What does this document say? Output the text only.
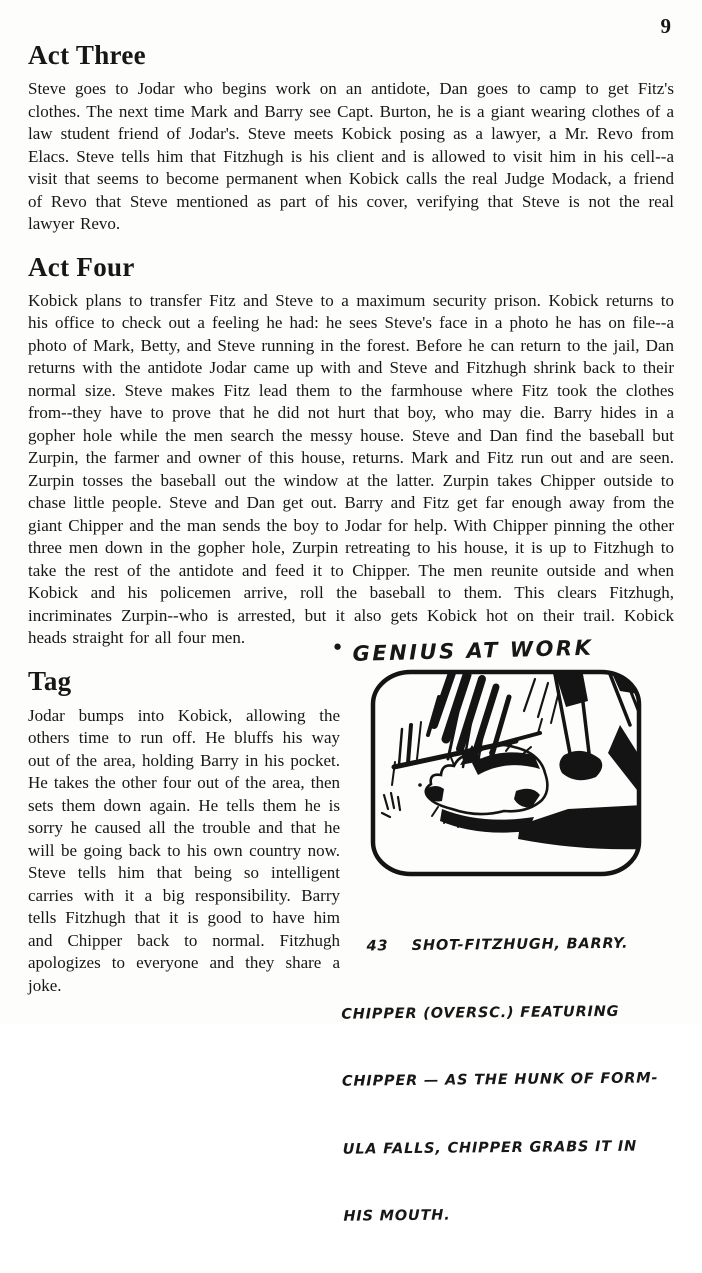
9
Act Three

Steve goes to Jodar who begins work on an antidote, Dan goes to camp to get Fitz's clothes. The next time Mark and Barry see Capt. Burton, he is a giant wearing clothes of a law student friend of Jodar's. Steve meets Kobick posing as a lawyer, a Mr. Revo from Elacs. Steve tells him that Fitzhugh is his client and is allowed to visit him in his cell--a visit that seems to become permanent when Kobick calls the real Judge Modack, a friend of Revo that Steve mentioned as part of his cover, verifying that Steve is not the real lawyer Revo.

Act Four

Kobick plans to transfer Fitz and Steve to a maximum security prison. Kobick returns to his office to check out a feeling he had: he sees Steve's face in a photo he has on file--a photo of Mark, Betty, and Steve running in the forest. Before he can return to the jail, Dan returns with the antidote Jodar came up with and Steve and Fitzhugh shrink back to their normal size. Steve makes Fitz lead them to the farmhouse where Fitz took the clothes from--they have to prove that he did not hurt that boy, who may die. Barry hides in a gopher hole while the men search the messy house. Steve and Dan find the baseball but Zurpin, the farmer and owner of this house, returns. Mark and Fitz run out and are seen. Zurpin tosses the baseball out the window at the latter. Zurpin takes Chipper outside to chase little people. Steve and Dan get out. Barry and Fitz get far enough away from the giant Chipper and the man sends the boy to Jodar for help. With Chipper pinning the other three men down in the gopher hole, Zurpin retreating to his house, it is up to Fitzhugh to take the rest of the antidote and feed it to Chipper. The men reunite outside and when Kobick and his policemen arrive, roll the baseball to them. This clears Fitzhugh, incriminates Zurpin--who is arrested, but it also gets Kobick hot on their trail. Kobick heads straight for all four men.

Tag

Jodar bumps into Kobick, allowing the others time to run off. He bluffs his way out of the area, holding Barry in his pocket. He takes the other four out of the area, then sets them down again. He tells them he is sorry he caused all the trouble and that he will be going back to his own country now. Steve tells him that being so intelligent carries with it a big responsibility. Barry tells Fitzhugh that it is good to have him and Chipper back to normal. Fitzhugh apologizes to everyone and they share a joke.

• GENIUS AT WORK

43    SHOT-FITZHUGH, BARRY.

CHIPPER (OVERSC.) FEATURING

CHIPPER — AS THE HUNK OF FORM-

ULA FALLS, CHIPPER GRABS IT IN

HIS MOUTH.
